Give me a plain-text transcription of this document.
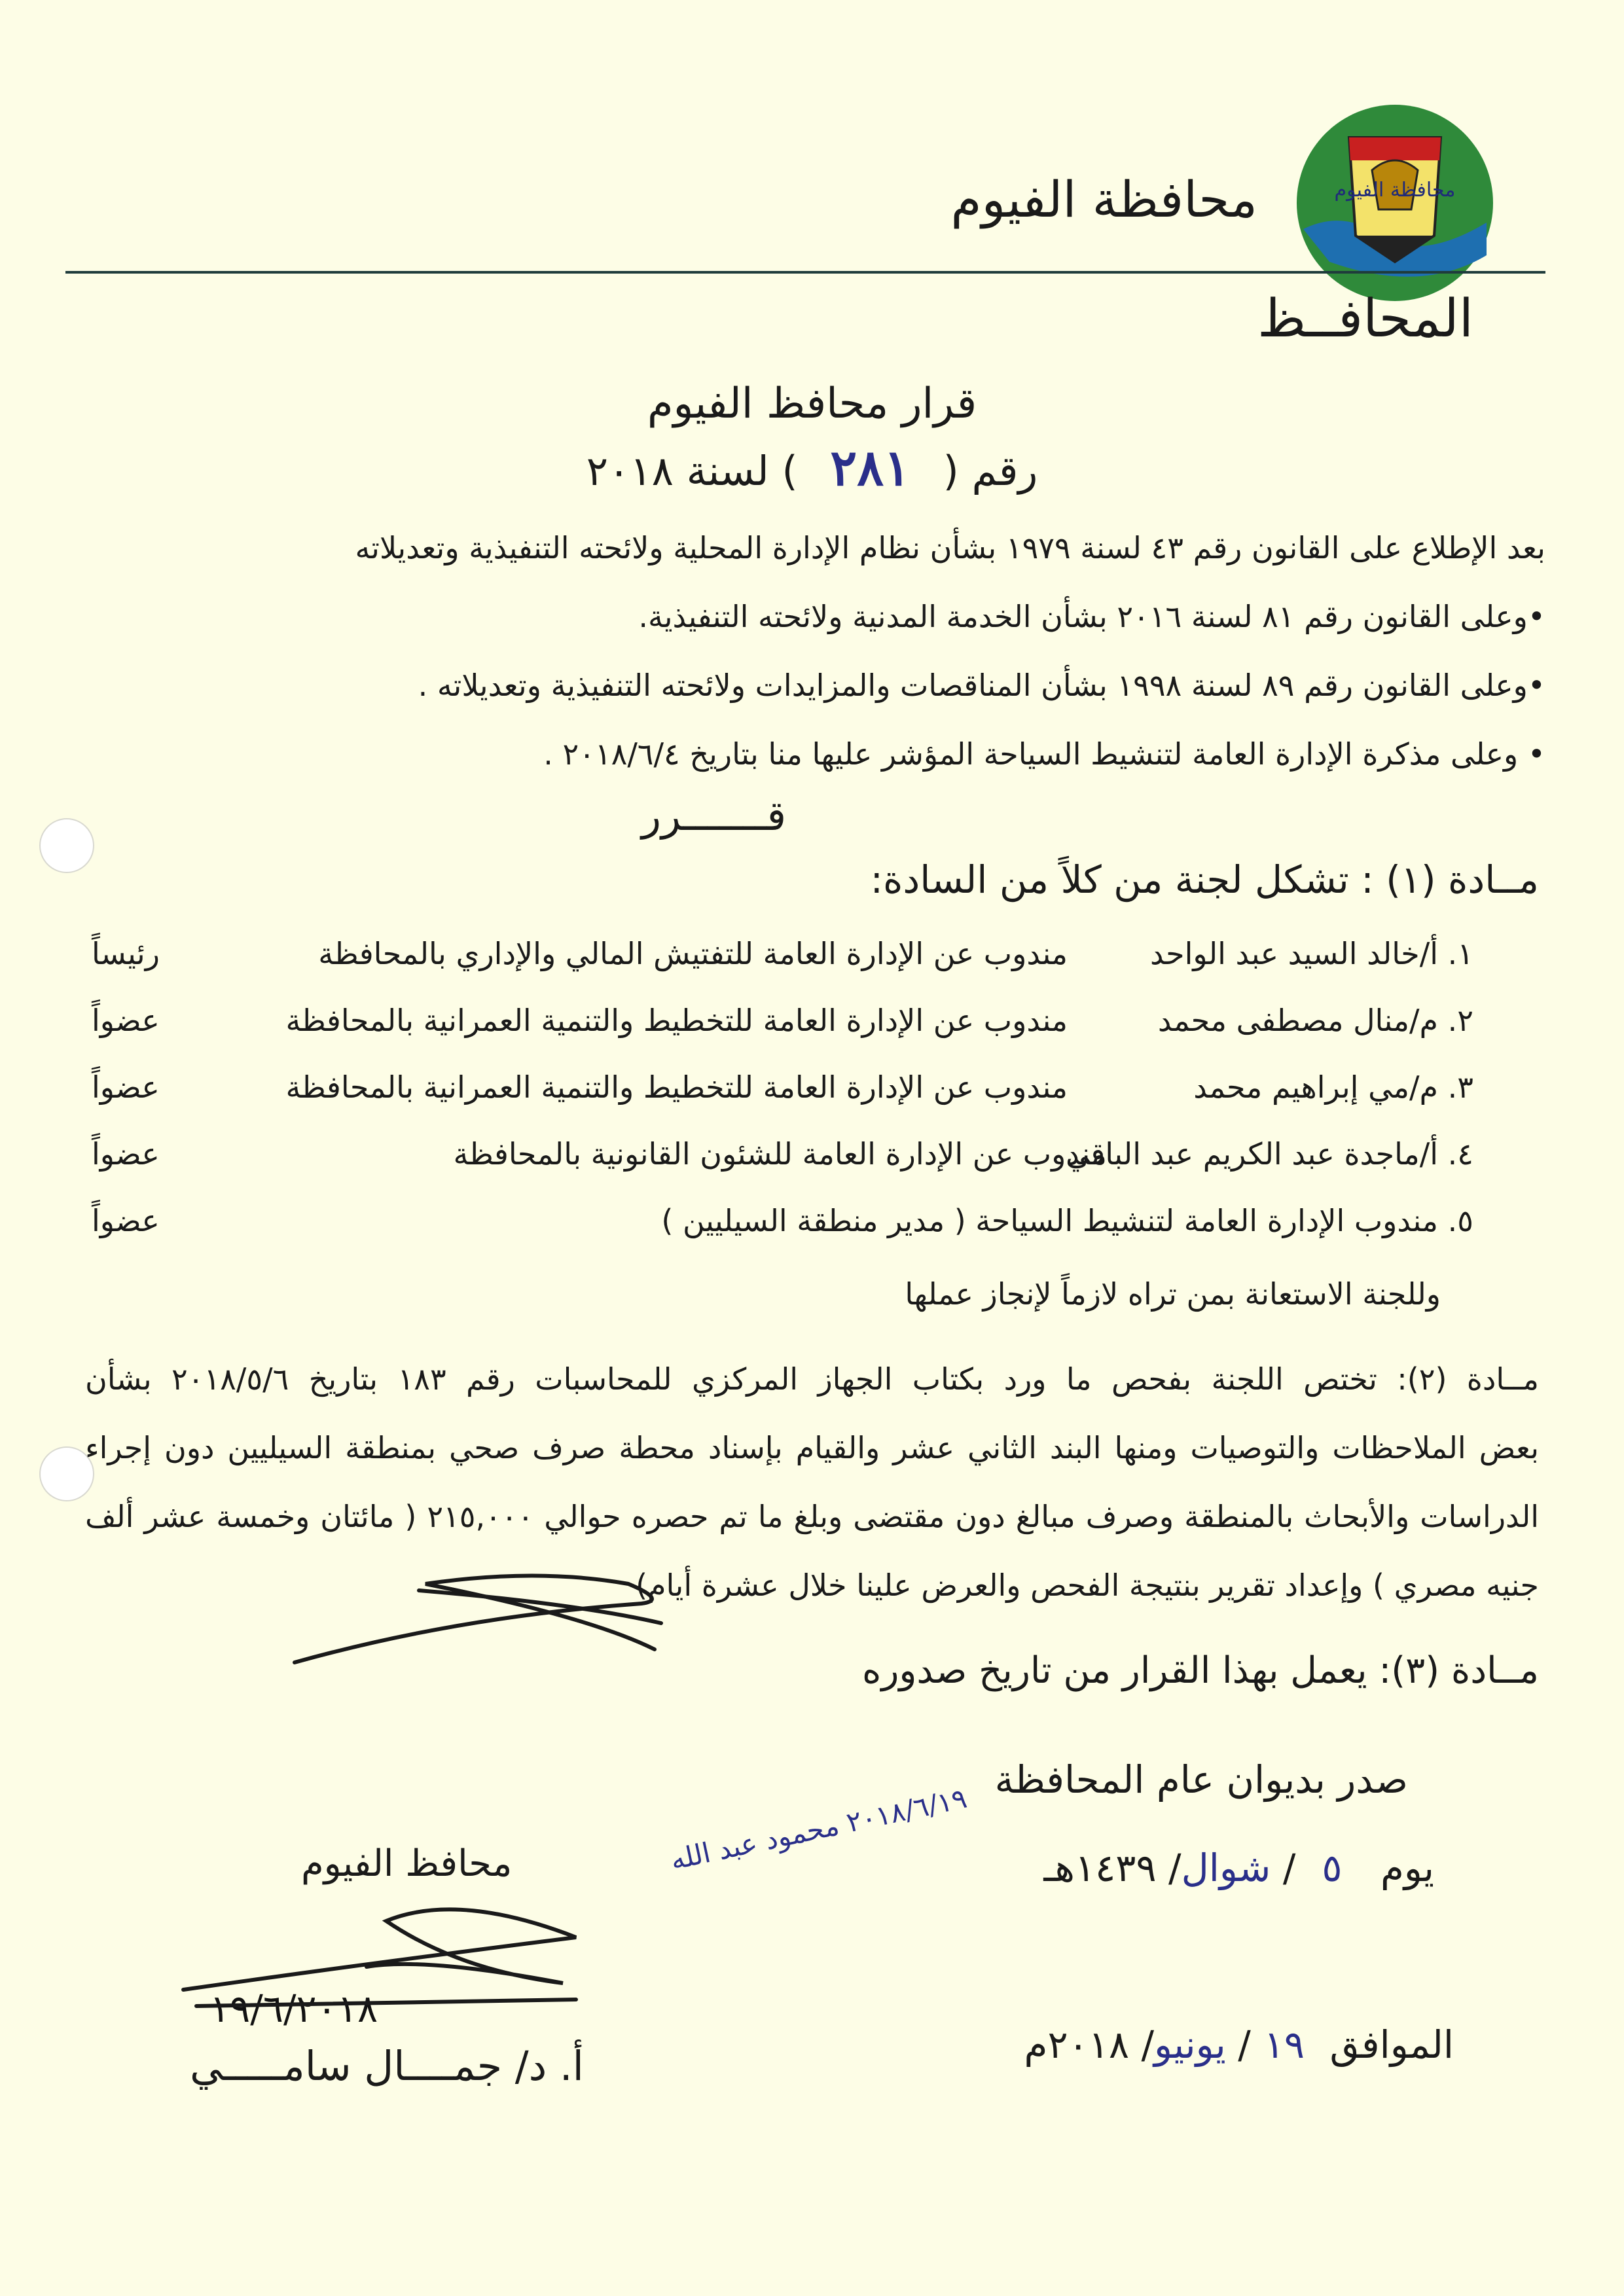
محافظة الفيوم
محافظة الفيوم
المحافــظ
قرار محافظ الفيوم
رقم ( ٢٨١ ) لسنة ٢٠١٨
بعد الإطلاع على القانون رقم ٤٣ لسنة ١٩٧٩ بشأن نظام الإدارة المحلية ولائحته التنفيذية وتعديلاته
•وعلى القانون رقم ٨١ لسنة ٢٠١٦ بشأن الخدمة المدنية ولائحته التنفيذية.
•وعلى القانون رقم ٨٩ لسنة ١٩٩٨ بشأن المناقصات والمزايدات ولائحته التنفيذية وتعديلاته .
• وعلى مذكرة الإدارة العامة لتنشيط السياحة المؤشر عليها منا بتاريخ ٢٠١٨/٦/٤ .
قـــــــرر
مــادة (١) : تشكل لجنة من كلاً من السادة:
١. أ/خالد السيد عبد الواحد
مندوب عن الإدارة العامة للتفتيش المالي والإداري بالمحافظة
رئيساً
٢. م/منال مصطفى محمد
مندوب عن الإدارة العامة للتخطيط والتنمية العمرانية بالمحافظة
عضواً
٣. م/مي إبراهيم محمد
مندوب عن الإدارة العامة للتخطيط والتنمية العمرانية بالمحافظة
عضواً
٤. أ/ماجدة عبد الكريم عبد الباقي
مندوب عن الإدارة العامة للشئون القانونية بالمحافظة
عضواً
٥. مندوب الإدارة العامة لتنشيط السياحة ( مدير منطقة السيليين )
عضواً
وللجنة الاستعانة بمن تراه لازماً لإنجاز عملها
مــادة (٢): تختص اللجنة بفحص ما ورد بكتاب الجهاز المركزي للمحاسبات رقم ١٨٣ بتاريخ ٢٠١٨/٥/٦ بشأن
بعض الملاحظات والتوصيات ومنها البند الثاني عشر والقيام بإسناد محطة صرف صحي بمنطقة السيليين دون إجراء
الدراسات والأبحاث بالمنطقة وصرف مبالغ دون مقتضى وبلغ ما تم حصره حوالي ٢١٥,٠٠٠ ( مائتان وخمسة عشر ألف
جنيه مصري ) وإعداد تقرير بنتيجة الفحص والعرض علينا خلال عشرة أيام)
مــادة (٣): يعمل بهذا القرار من تاريخ صدوره
صدر بديوان عام المحافظة
يوم ٥/ شوال/ ١٤٣٩هـ
الموافق ١٩/ يونيو/ ٢٠١٨م
محافظ الفيوم
١٩/٦/٢٠١٨
أ. د/ جمــــال سامـــــي
٢٠١٨/٦/١٩ محمود عبد الله
